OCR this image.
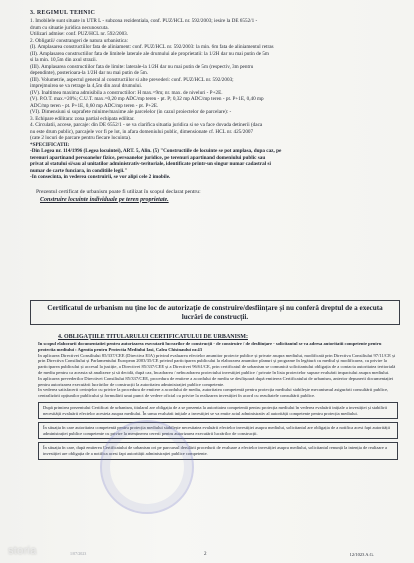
3. REGIMUL TEHNIC

1. Imobilele sunt situate in UTR L - subzona rezidentiala, conf. PUZ/HCL nr. 592/2003; iesire la DE 6552/1 -

drum cu situatie juridica necunoscuta.

Utilizari admise: conf. PUZ/HCL nr. 592/2003.

2. Obligatii/ constrangeri de natura urbanistica:

(I). Amplasarea constructiilor fata de aliniament: conf. PUZ/HCL nr. 592/2003: la min. 6m fata de aliniamentul retras

(II). Amplasarea constructiilor fata de limitele laterale ale drumului ale proprietatii: la 1/2H dar nu mai putin de 5m

si la min. 10,5m din axul strazii.

(III). Amplasarea constructiilor fata de limite: laterale-la 1/2H dar nu mai putin de 5m (respectiv, 3m pentru

dependinte), posterioara-la 1/2H dar nu mai putin de 5m.

(III). Volumetrie, aspectul general al constructiilor si alte prevederi: conf. PUZ/HCL nr. 592/2003;

imprejmuirea se va retrage la 4,5m din axul drumului.

(IV). Inaltimea maxima admisibila a constructiilor: H max.=9m; nr. max. de niveluri - P+2E.

(V). P.O.T. max.=20%; C.U.T. max.=0,20 mp ADC/mp teren - pt. P; 0,32 mp ADC/mp teren - pt. P+1E, 0,40 mp

ADC/mp teren - pt. P+1E, 0,60 mp ADC/mp teren - pt. P+2E.

(VI). Dimensiuni si suprafete minime/maxime ale parcelelor (in cazul proiectelor de parcelare): -

3. Echipare edilitara: zona partial echipata edilitar.

4. Circulatii, accese, parcaje: din DE 6552/1 - se va clarifica situatia juridica si se va face dovada detinerii (daca

nu este drum public), parcajele vor fi pe lot, in afara domeniului public, dimensionate cf. HCL nr. 425/2007

(cate 2 locuri de parcare pentru fiecare locuinta).

*SPECIFICATII:

-Din Legea nr. 114/1996 (Legea locuintei), ART. 5, Alin. (5) "Constructiile de locuinte se pot amplasa, dupa caz, pe

terenuri apartinand persoanelor fizice, persoanelor juridice, pe terenuri apartinand domeniului public sau

privat al statului si/sau al unitatilor administrativ-teritoriale, identificate printr-un singur numar cadastral si

numar de carte funciara, in conditiile legii."

-In consecinta, in vederea construirii, se vor alipi cele 2 imobile.

Prezentul certificat de urbanism poate fi utilizat în scopul declarat pentru:
Construire locuinte individuale pe teren proprietate.
Certificatul de urbanism nu ține loc de autorizație de construire/desființare și nu conferă dreptul de a executa lucrări de construcții.
4. OBLIGAȚIILE TITULARULUI CERTIFICATULUI DE URBANISM:

In scopul elaborarii documentatiei pentru autorizarea executarii lucrarilor de construcții - de construire / de desființare - solicitantul se va adresa autoritatii competente pentru protectia mediului : Agentia pentru Protectia Mediului Iasi, Calea Chisinaului nr.43

In aplicarea Directivei Consiliului 85/337/CEE (Directiva EIA) privind evaluarea efectelor anumitor proiecte publice și private asupra mediului, modificată prin Directiva Consiliului 97/11/CE și prin Directiva Consiliului și Parlamentului European 2003/35/CE privind participarea publicului la elaborarea anumitor planuri și programe în legătură cu mediul și modificarea, cu privire la participarea publicului și accesul la justiție, a Directivei 85/337/CEE și a Directivei 96/61/CE, prin certificatul de urbanism se comunică solicitantului obligația de a contacta autoritatea teritorială de mediu pentru ca aceasta să analizeze și să decidă, după caz, încadrarea / neîncadrarea proiectului investiției publice / private în lista proiectelor supuse evaluării impactului asupra mediului.

In aplicarea prevederilor Directivei Consiliului 85/337/CEE, procedura de emitere a acordului de mediu se desfășoară după emiterea Certificatului de urbanism, anterior depunerii documentației pentru autorizarea executării lucrărilor de construcții la autoritatea administrației publice competente.

In vederea satisfacerii cerințelor cu privire la procedura de emitere a acordului de mediu, autoritatea competentă pentru protecția mediului stabilește mecanismul asigurării consultării publice, centralizării opțiunilor publicului și formulării unui punct de vedere oficial cu privire la realizarea investiției în acord cu rezultatele consultării publice.

După primirea prezentului Certificat de urbanism, titularul are obligația de a se prezenta la autoritatea competentă pentru protecția mediului în vederea evaluării inițiale a investiției și stabilirii necesității evaluării efectelor acesteia asupra mediului. În urma evaluării inițiale a investiției se va emite actul administrativ al autorității competente pentru protecția mediului.
În situația în care autoritatea competentă pentru protecția mediului stabilește necesitatea evaluării efectelor investiției asupra mediului, solicitantul are obligația de a notifica acest fapt autorității administrației publice competente cu privire la menținerea cererii pentru autorizarea executării lucrărilor de construcții.
În situația în care, după emiterea Certificatului de urbanism ori pe parcursul derulării procedurii de evaluare a efectelor investiției asupra mediului, solicitantul renunță la intenția de realizare a investiției are obligația de a notifica acest fapt autorității administrației publice competente.
storia	1/07/2023	2	12/1023 A.G.
